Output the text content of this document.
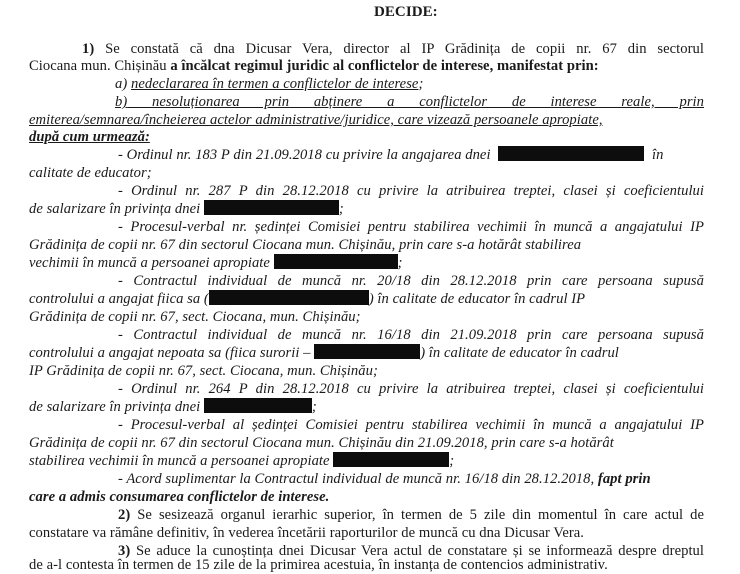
DECIDE:
1) Se constată că dna Dicusar Vera, director al IP Grădinița de copii nr. 67 din sectorul
Ciocana mun. Chișinău a încălcat regimul juridic al conflictelor de interese, manifestat prin:
a) nedeclararea în termen a conflictelor de interese;
b) nesoluționarea prin abținere a conflictelor de interese reale, prin
emiterea/semnarea/încheierea actelor administrative/juridice, care vizează persoanele apropiate,
după cum urmează:
- Ordinul nr. 183 P din 21.09.2018 cu privire la angajarea dnei	în
calitate de educator;
- Ordinul nr. 287 P din 28.12.2018 cu privire la atribuirea treptei, clasei și coeficientului
de salarizare în privința dnei	;
- Procesul-verbal nr. ședinței Comisiei pentru stabilirea vechimii în muncă a angajatului IP
Grădinița de copii nr. 67 din sectorul Ciocana mun. Chișinău, prin care s-a hotărât stabilirea
vechimii în muncă a persoanei apropiate	;
- Contractul individual de muncă nr. 20/18 din 28.12.2018 prin care persoana supusă
controlului a angajat fiica sa (	) în calitate de educator în cadrul IP
Grădinița de copii nr. 67, sect. Ciocana, mun. Chișinău;
- Contractul individual de muncă nr. 16/18 din 21.09.2018 prin care persoana supusă
controlului a angajat nepoata sa (fiica surorii –	) în calitate de educator în cadrul
IP Grădinița de copii nr. 67, sect. Ciocana, mun. Chișinău;
- Ordinul nr. 264 P din 28.12.2018 cu privire la atribuirea treptei, clasei și coeficientului
de salarizare în privința dnei	;
- Procesul-verbal al ședinței Comisiei pentru stabilirea vechimii în muncă a angajatului IP
Grădinița de copii nr. 67 din sectorul Ciocana mun. Chișinău din 21.09.2018, prin care s-a hotărât
stabilirea vechimii în muncă a persoanei apropiate	;
- Acord suplimentar la Contractul individual de muncă nr. 16/18 din 28.12.2018, fapt prin
care a admis consumarea conflictelor de interese.
2) Se sesizează organul ierarhic superior, în termen de 5 zile din momentul în care actul de
constatare va rămâne definitiv, în vederea încetării raporturilor de muncă cu dna Dicusar Vera.
3) Se aduce la cunoștința dnei Dicusar Vera actul de constatare și se informează despre dreptul
de a-l contesta în termen de 15 zile de la primirea acestuia, în instanța de contencios administrativ.
